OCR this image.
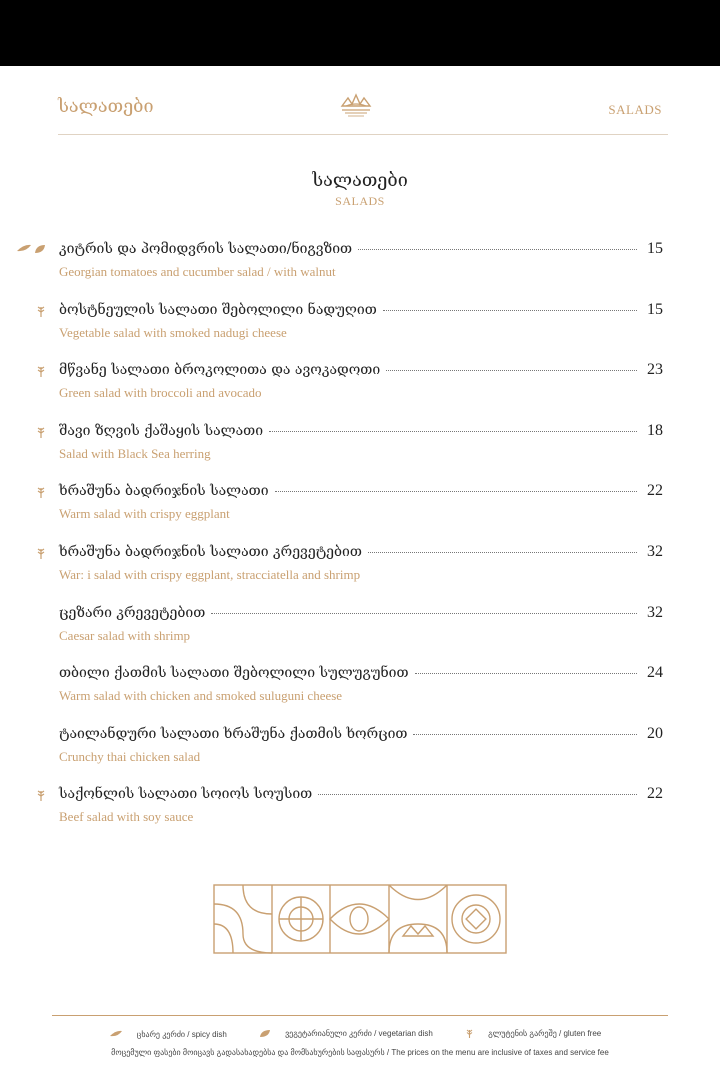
სალათები	SALADS
სალათები
SALADS
კიტრის და პომიდვრის სალათი/ნიგვზით	15
Georgian tomatoes and cucumber salad / with walnut
ბოსტნეულის სალათი შებოლილი ნადუღით	15
Vegetable salad with smoked nadugi cheese
მწვანე სალათი ბროკოლითა და ავოკადოთი	23
Green salad with broccoli and avocado
შავი ზღვის ქაშაყის სალათი	18
Salad with Black Sea herring
ხრაშუნა ბადრიჯნის სალათი	22
Warm salad with crispy eggplant
ხრაშუნა ბადრიჯნის სალათი კრევეტებით	32
War: i salad with crispy eggplant, stracciatella and shrimp
ცეზარი კრევეტებით	32
Caesar salad with shrimp
თბილი ქათმის სალათი შებოლილი სულუგუნით	24
Warm salad with chicken and smoked suluguni cheese
ტაილანდური სალათი ხრაშუნა ქათმის ხორცით	20
Crunchy thai chicken salad
საქონლის სალათი სოიოს სოუსით	22
Beef salad with soy sauce
ცხარე კერძი / spicy dish
	ვეგეტარიანული კერძი / vegetarian dish
	გლუტენის გარეშე / gluten free
მოცემული ფასები მოიცავს გადასახადებსა და მომსახურების საფასურს / The prices on the menu are inclusive of taxes and service fee
